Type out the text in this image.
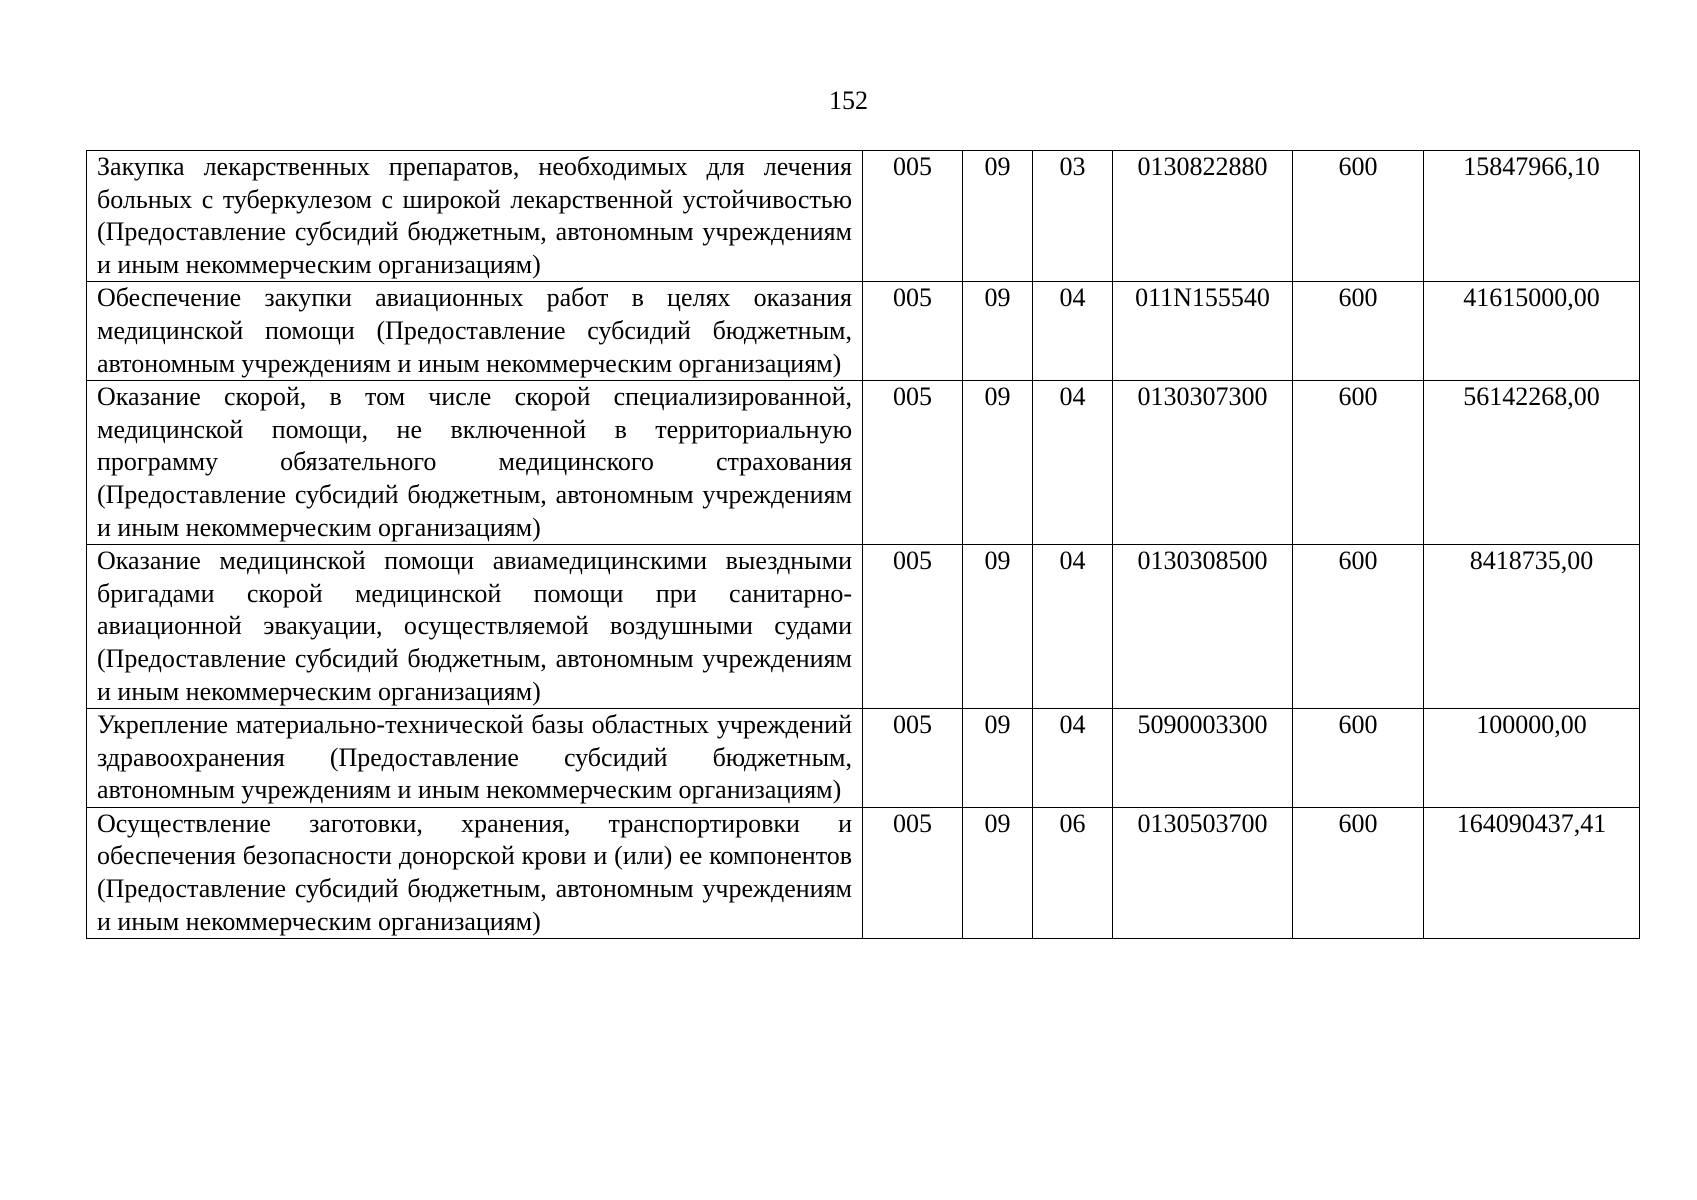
152
Закупка лекарственных препаратов, необходимых для лечения больных с туберкулезом с широкой лекарственной устойчивостью (Предоставление субсидий бюджетным, автономным учреждениям и иным некоммерческим организациям)	005	09	03	0130822880	600	15847966,10
Обеспечение закупки авиационных работ в целях оказания медицинской помощи (Предоставление субсидий бюджетным, автономным учреждениям и иным некоммерческим организациям)	005	09	04	011N155540	600	41615000,00
Оказание скорой, в том числе скорой специализированной, медицинской помощи, не включенной в территориальную программу обязательного медицинского страхования (Предоставление субсидий бюджетным, автономным учреждениям и иным некоммерческим организациям)	005	09	04	0130307300	600	56142268,00
Оказание медицинской помощи авиамедицинскими выездными бригадами скорой медицинской помощи при санитарно-авиационной эвакуации, осуществляемой воздушными судами (Предоставление субсидий бюджетным, автономным учреждениям и иным некоммерческим организациям)	005	09	04	0130308500	600	8418735,00
Укрепление материально-технической базы областных учреждений здравоохранения (Предоставление субсидий бюджетным, автономным учреждениям и иным некоммерческим организациям)	005	09	04	5090003300	600	100000,00
Осуществление заготовки, хранения, транспортировки и обеспечения безопасности донорской крови и (или) ее компонентов (Предоставление субсидий бюджетным, автономным учреждениям и иным некоммерческим организациям)	005	09	06	0130503700	600	164090437,41
